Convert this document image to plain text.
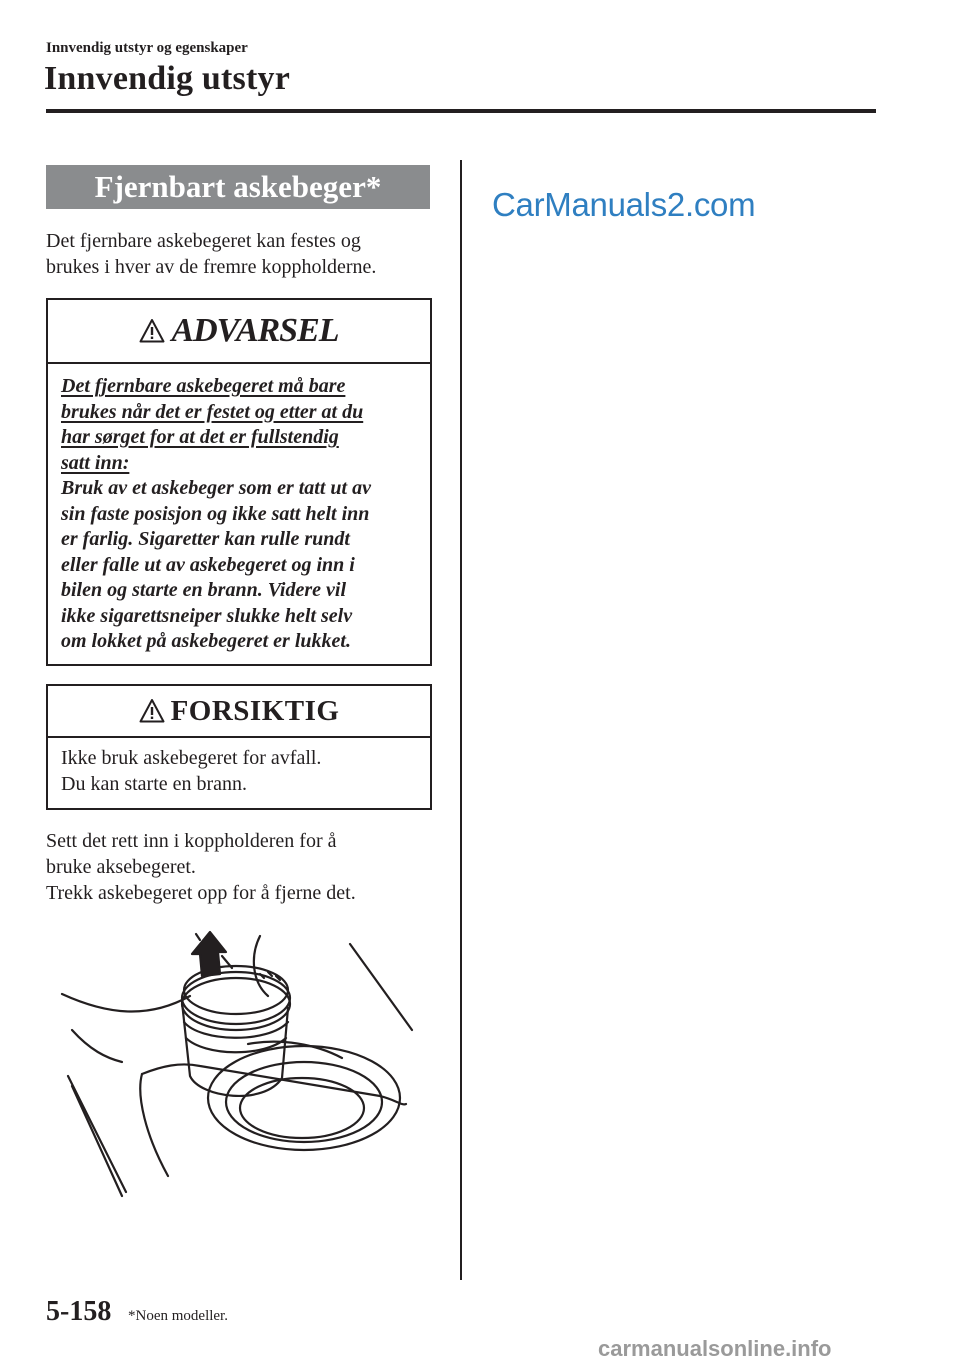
Innvendig utstyr og egenskaper
Innvendig utstyr
Fjernbart askebeger*
Det fjernbare askebegeret kan festes og
brukes i hver av de fremre koppholderne.
ADVARSEL
Det fjernbare askebegeret må bare
brukes når det er festet og etter at du
har sørget for at det er fullstendig
satt inn:
Bruk av et askebeger som er tatt ut av
sin faste posisjon og ikke satt helt inn
er farlig. Sigaretter kan rulle rundt
eller falle ut av askebegeret og inn i
bilen og starte en brann. Videre vil
ikke sigarettsneiper slukke helt selv
om lokket på askebegeret er lukket.
FORSIKTIG
Ikke bruk askebegeret for avfall.
Du kan starte en brann.
Sett det rett inn i koppholderen for å
bruke aksebegeret.
Trekk askebegeret opp for å fjerne det.
CarManuals2.com
5-158 *Noen modeller.
carmanualsonline.info
